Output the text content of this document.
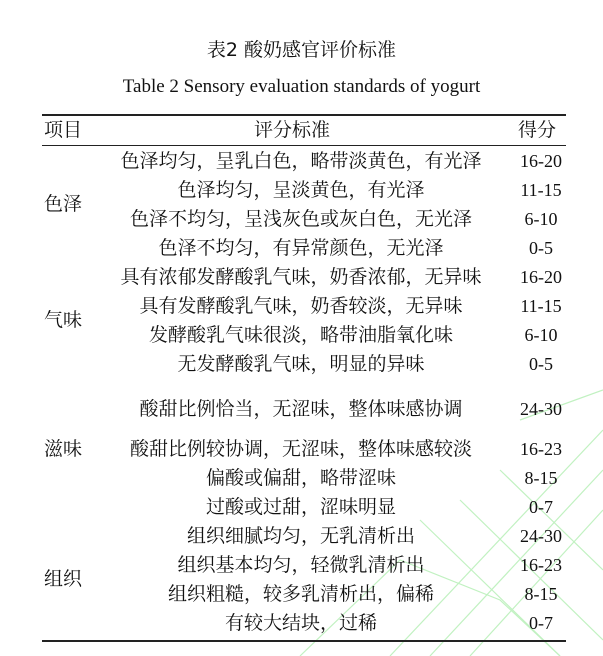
表2 酸奶感官评价标准
Table 2 Sensory evaluation standards of yogurt
项目	评分标准	得分
色泽
色泽均匀，呈乳白色，略带淡黄色，有光泽	16-20
色泽均匀，呈淡黄色，有光泽	11-15
色泽不均匀，呈浅灰色或灰白色，无光泽	6-10
色泽不均匀，有异常颜色，无光泽	0-5
气味
具有浓郁发酵酸乳气味，奶香浓郁，无异味	16-20
具有发酵酸乳气味，奶香较淡，无异味	11-15
发酵酸乳气味很淡，略带油脂氧化味	6-10
无发酵酸乳气味，明显的异味	0-5
滋味
酸甜比例恰当，无涩味，整体味感协调	24-30
酸甜比例较协调，无涩味，整体味感较淡	16-23
偏酸或偏甜，略带涩味	8-15
过酸或过甜，涩味明显	0-7
组织
组织细腻均匀，无乳清析出	24-30
组织基本均匀，轻微乳清析出	16-23
组织粗糙，较多乳清析出，偏稀	8-15
有较大结块，过稀	0-7
